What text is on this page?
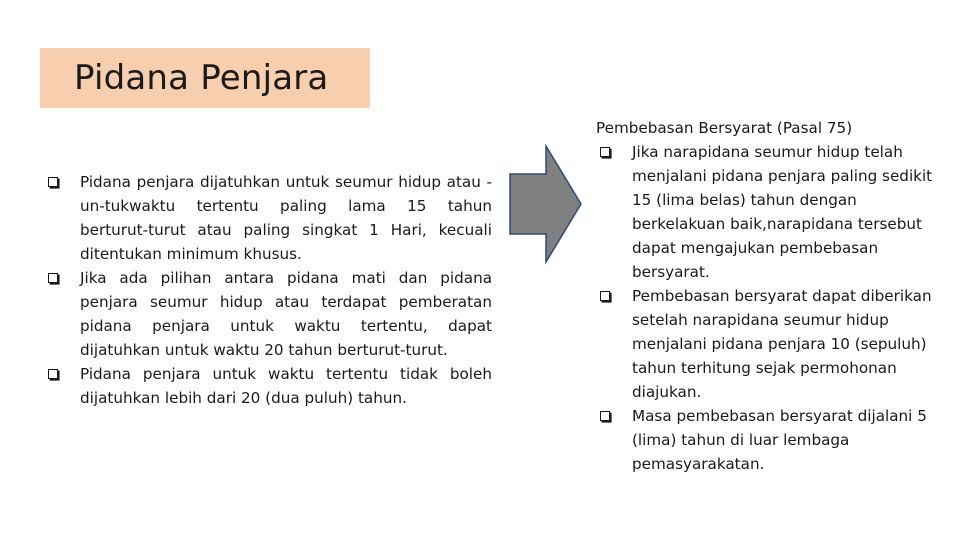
Pidana Penjara
Pidana penjara dijatuhkan untuk seumur hidup atau -un-tukwaktu tertentu paling lama 15 tahun berturut‑turut atau paling singkat 1 Hari, kecuali ditentukan minimum khusus.
Jika ada pilihan antara pidana mati dan pidana penjara seumur hidup atau terdapat pemberatan pidana penjara untuk waktu tertentu, dapat dijatuhkan untuk waktu 20 tahun berturut‑turut.
Pidana penjara untuk waktu tertentu tidak boleh dijatuhkan lebih dari 20 (dua puluh) tahun.
Pembebasan Bersyarat (Pasal 75)
Jika narapidana seumur hidup telah menjalani pidana penjara paling sedikit 15 (lima belas) tahun dengan berkelakuan baik,narapidana tersebut dapat mengajukan pembebasan bersyarat.
Pembebasan bersyarat dapat diberikan setelah narapidana seumur hidup menjalani pidana penjara 10 (sepuluh) tahun terhitung sejak permohonan diajukan.
Masa pembebasan bersyarat dijalani 5 (lima) tahun di luar lembaga pemasyarakatan.
